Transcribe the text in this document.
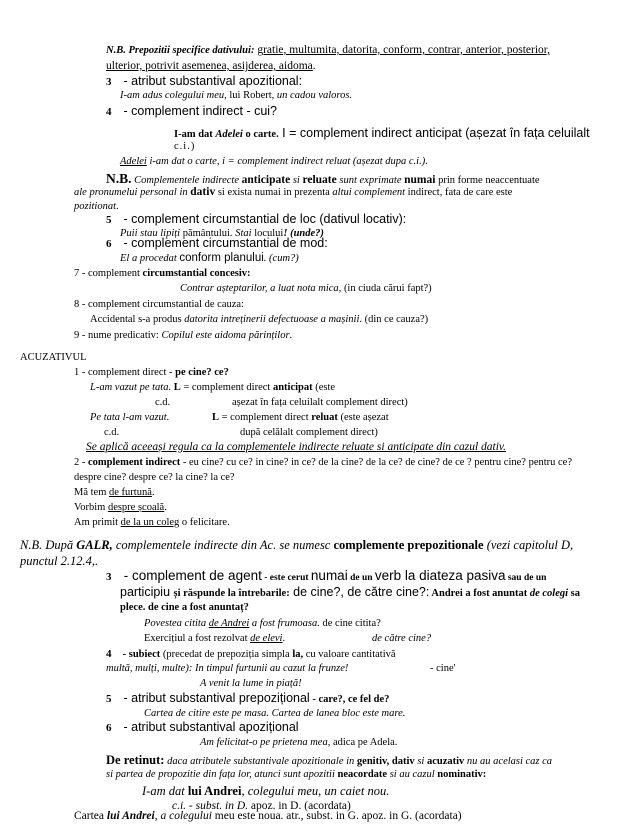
N.B. Prepozitii specifice dativului: gratie, multumita, datorita, conform, contrar, anterior, posterior,
ulterior, potrivit asemenea, asijderea, aidoma.
3 - atribut substantival apozitional:
I-am adus colegului meu, lui Robert, un cadou valoros.
4 - complement indirect - cui?
I-am dat Adelei o carte. I = complement indirect anticipat (așezat în fața celuilalt
c.i.)
Adelei i-am dat o carte, i = complement indirect reluat (așezat dupa c.i.).
N.B. Complementele indirecte anticipate si reluate sunt exprimate numai prin forme neaccentuate
ale pronumelui personal in dativ si exista numai in prezenta altui complement indirect, fata de care este
pozitionat.
5 - complement circumstantial de loc (dativul locativ):
Puii stau lipiți pământului. Stai locului! (unde?)
6 - complement circumstantial de mod:
El a procedat conform planului. (cum?)
7 - complement circumstantial concesiv:
Contrar așteptarilor, a luat nota mica, (in ciuda cărui fapt?)
8 - complement circumstantial de cauza:
Accidental s-a produs datorita intreținerii defectuoase a mașinii. (din ce cauza?)
9 - nume predicativ: Copilul este aidoma părinților.
ACUZATIVUL
1 - complement direct - pe cine? ce?
L-am vazut pe tata. L = complement direct anticipat (este
c.d.	așezat în fața celuilalt complement direct)
Pe tata l-am vazut.	L = complement direct reluat (este așezat
c.d.	după celălalt complement direct)
Se aplică aceeași regula ca la complementele indirecte reluate si anticipate din cazul dativ.
2 - complement indirect - eu cine? cu ce? in cine? in ce? de la cine? de la ce? de cine? de ce ? pentru cine? pentru ce?
despre cine? despre ce? la cine? la ce?
Mă tem de furtună.
Vorbim despre școală.
Am primit de la un coleg o felicitare.
N.B. După GALR, complementele indirecte din Ac. se numesc complemente prepozitionale (vezi capitolul D,
punctul 2.12.4,.
3 - complement de agent - este cerut numai de un verb la diateza pasiva sau de un
participiu și răspunde la întrebarile: de cine?, de către cine?: Andrei a fost anuntat de colegi sa
plece. de cine a fost anuntaț?
Povestea citita de Andrei a fost frumoasa. de cine citita?
Exercițiul a fost rezolvat de elevi.	de către cine?
4 - subiect (precedat de prepoziția simpla la, cu valoare cantitativă
multă, mulți, multe): In timpul furtunii au cazut la frunze!	- cine'
A venit la lume in piață!
5 - atribut substantival prepozițional - care?, ce fel de?
Cartea de citire este pe masa. Cartea de lanea bloc este mare.
6 - atribut substantival apozițional
Am felicitat-o pe prietena mea, adica pe Adela.
De retinut: daca atributele substantivale apozitionale in genitiv, dativ si acuzativ nu au acelasi caz ca
si partea de propozitie din fața lor, atunci sunt apozitii neacordate si au cazul nominativ:
I-am dat lui Andrei, colegului meu, un caiet nou.
c.i. - subst. in D. apoz. in D. (acordata)
Cartea lui Andrei, a colegului meu este noua. atr., subst. in G. apoz. in G. (acordata)
